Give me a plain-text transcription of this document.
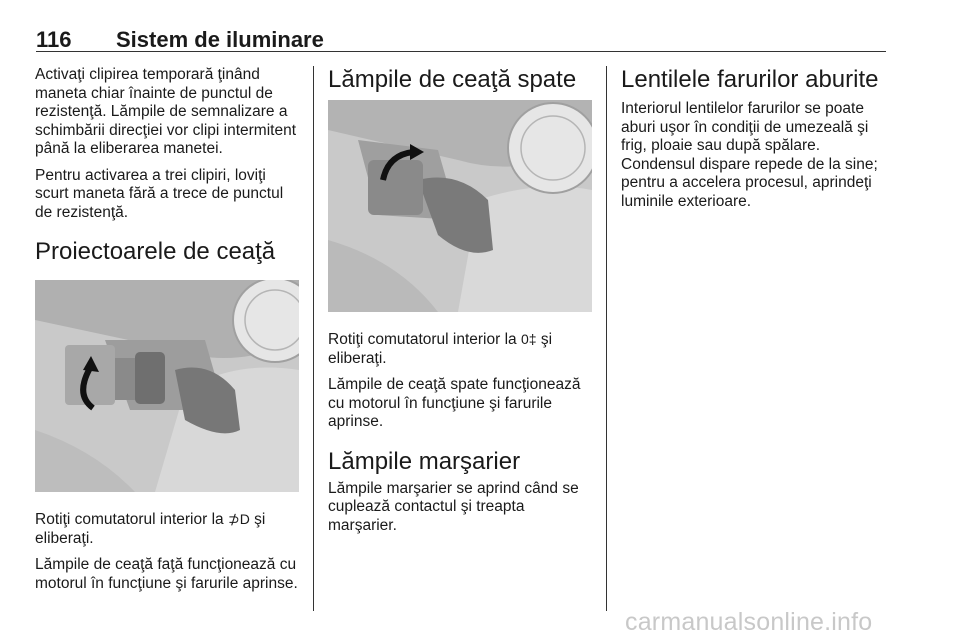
116 Sistem de iluminare

Activaţi clipirea temporară ţinând maneta chiar înainte de punctul de rezistenţă. Lămpile de semnalizare a schimbării direcţiei vor clipi intermitent până la eliberarea manetei.

Pentru activarea a trei clipiri, loviţi scurt maneta fără a trece de punctul de rezistenţă.

Proiectoarele de ceaţă

Rotiţi comutatorul interior la ⊅D şi eliberaţi.

Lămpile de ceaţă faţă funcţionează cu motorul în funcţiune şi farurile aprinse.

Lămpile de ceaţă spate

Rotiţi comutatorul interior la 0‡ şi eliberaţi.

Lămpile de ceaţă spate funcţionează cu motorul în funcţiune şi farurile aprinse.

Lămpile marşarier

Lămpile marşarier se aprind când se cuplează contactul şi treapta marşarier.

Lentilele farurilor aburite

Interiorul lentilelor farurilor se poate aburi uşor în condiţii de umezeală şi frig, ploaie sau după spălare. Condensul dispare repede de la sine; pentru a accelera procesul, aprindeţi luminile exterioare.

carmanualsonline.info
